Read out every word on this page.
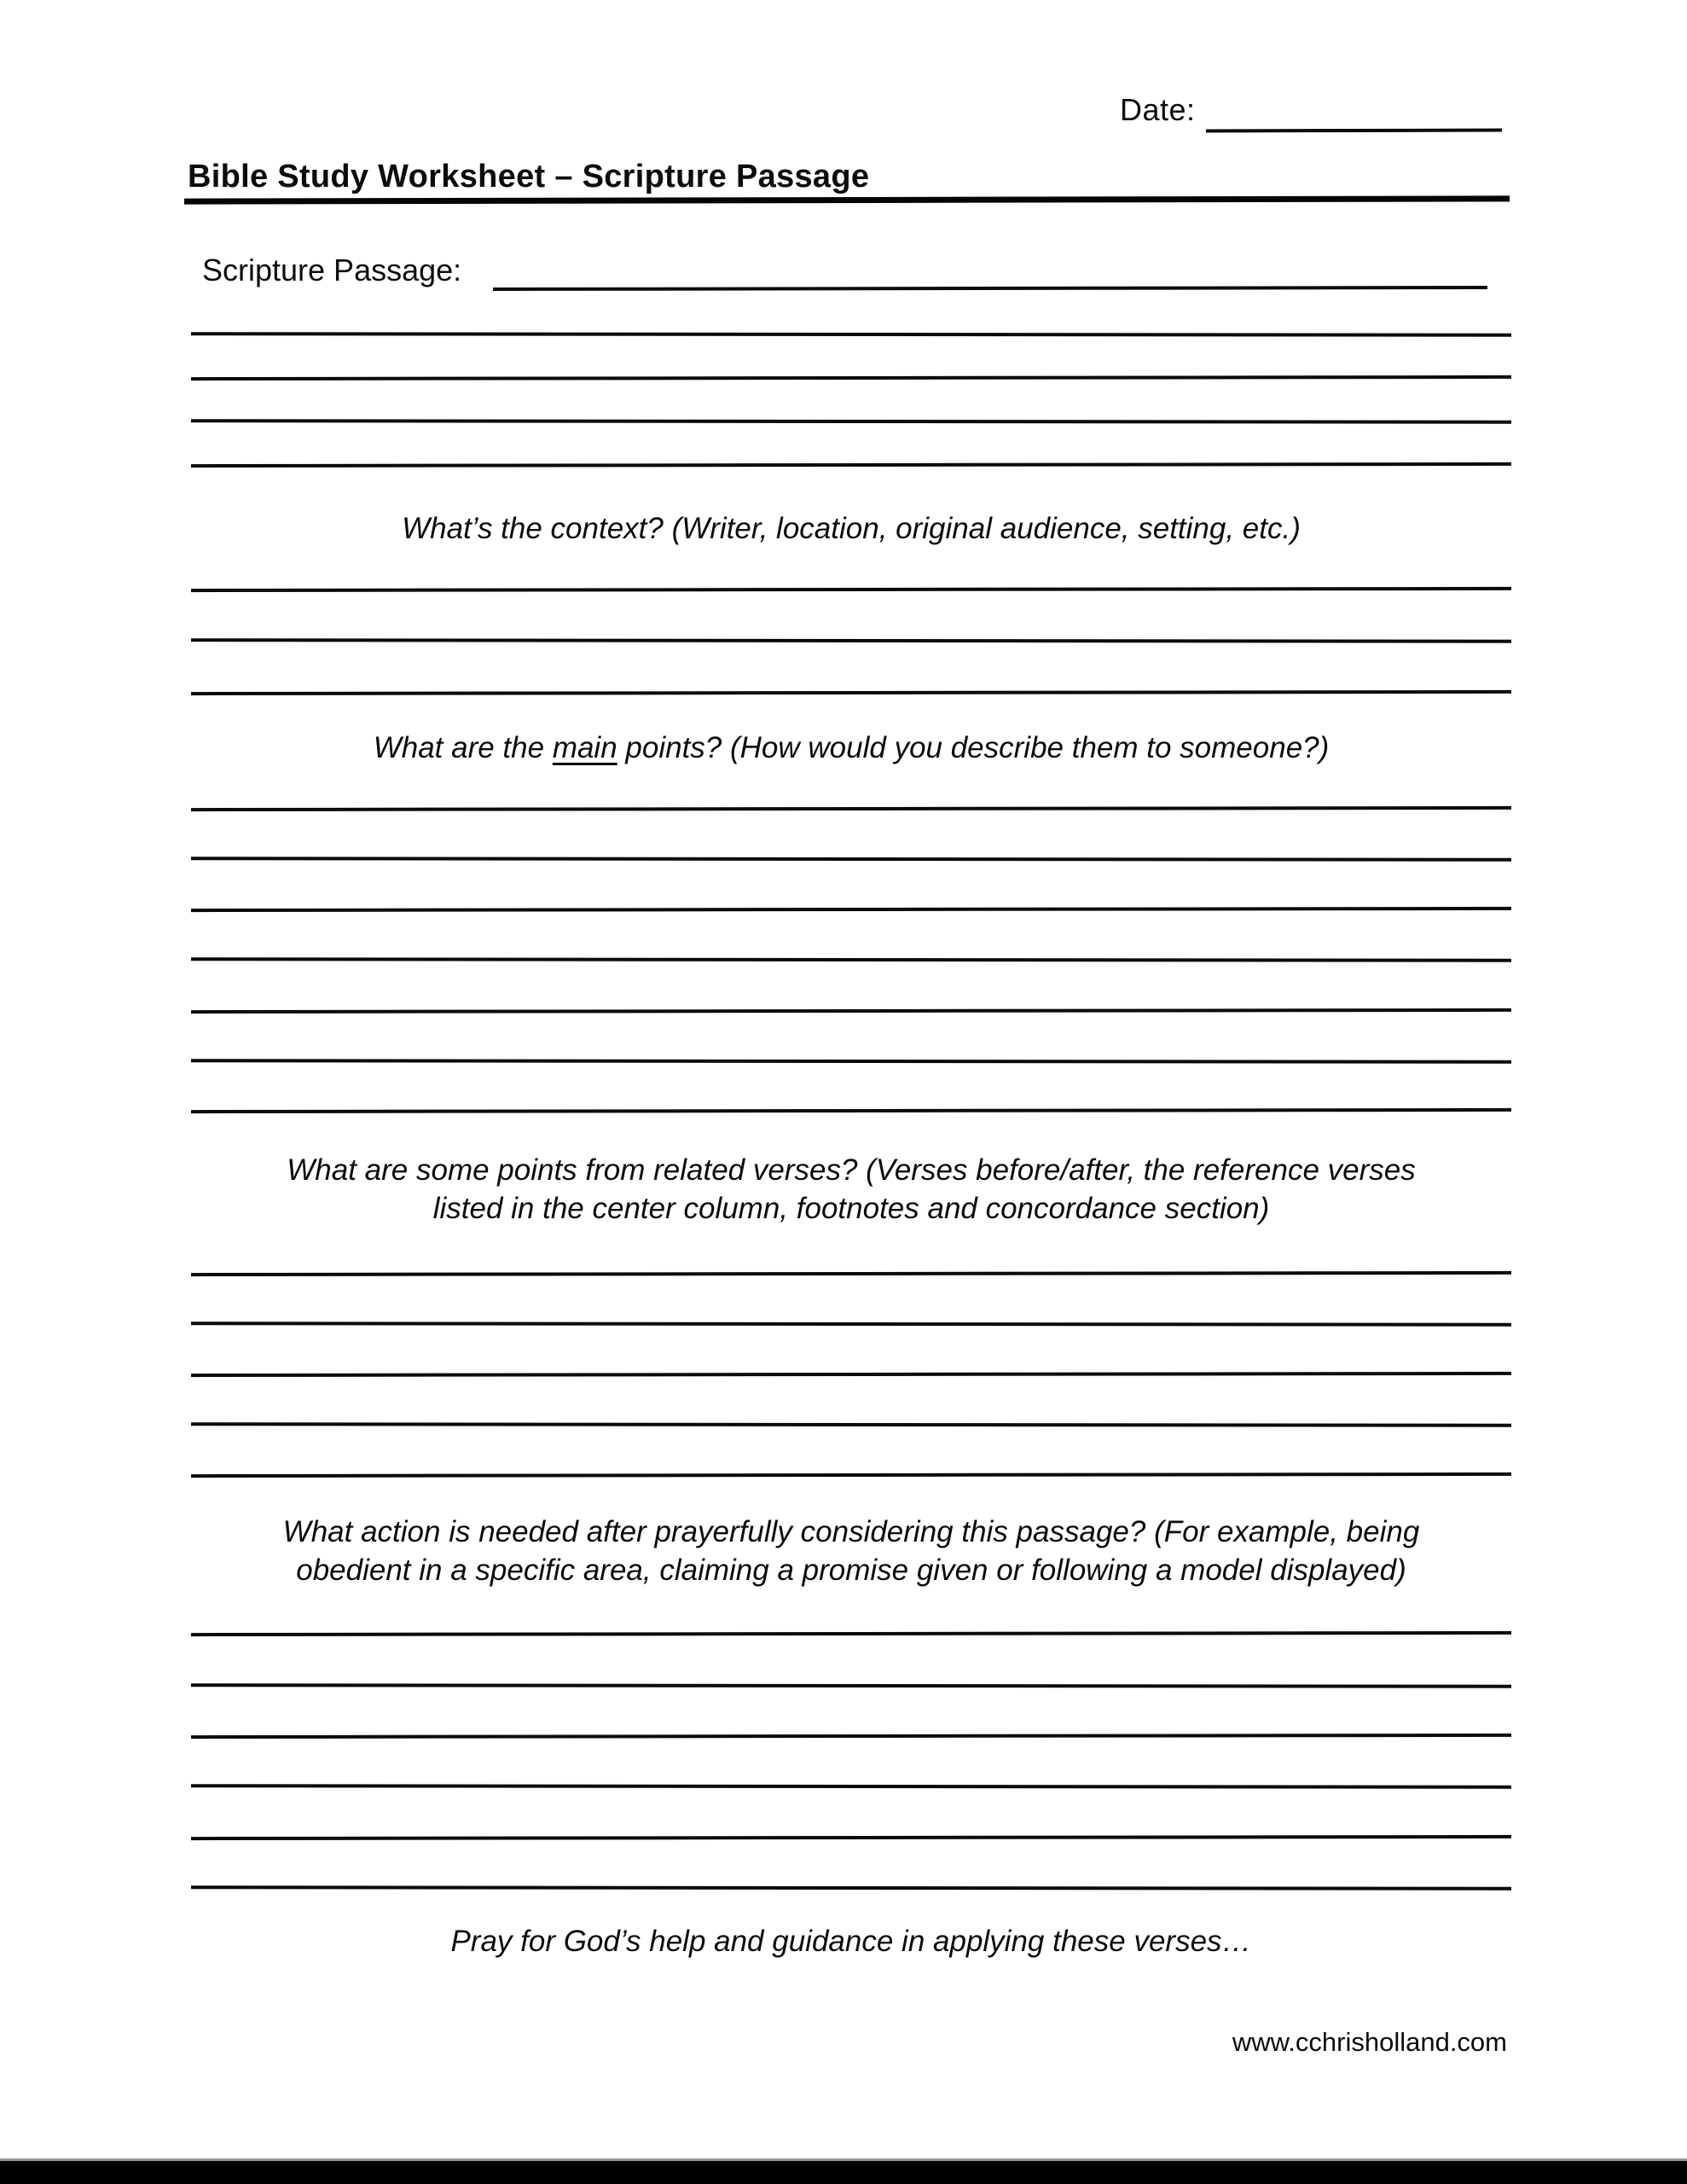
Date:
Bible Study Worksheet – Scripture Passage
Scripture Passage:
What’s the context? (Writer, location, original audience, setting, etc.)
What are the main points? (How would you describe them to someone?)
What are some points from related verses? (Verses before/after, the reference verses
listed in the center column, footnotes and concordance section)
What action is needed after prayerfully considering this passage? (For example, being
obedient in a specific area, claiming a promise given or following a model displayed)
Pray for God’s help and guidance in applying these verses…
www.cchrisholland.com
